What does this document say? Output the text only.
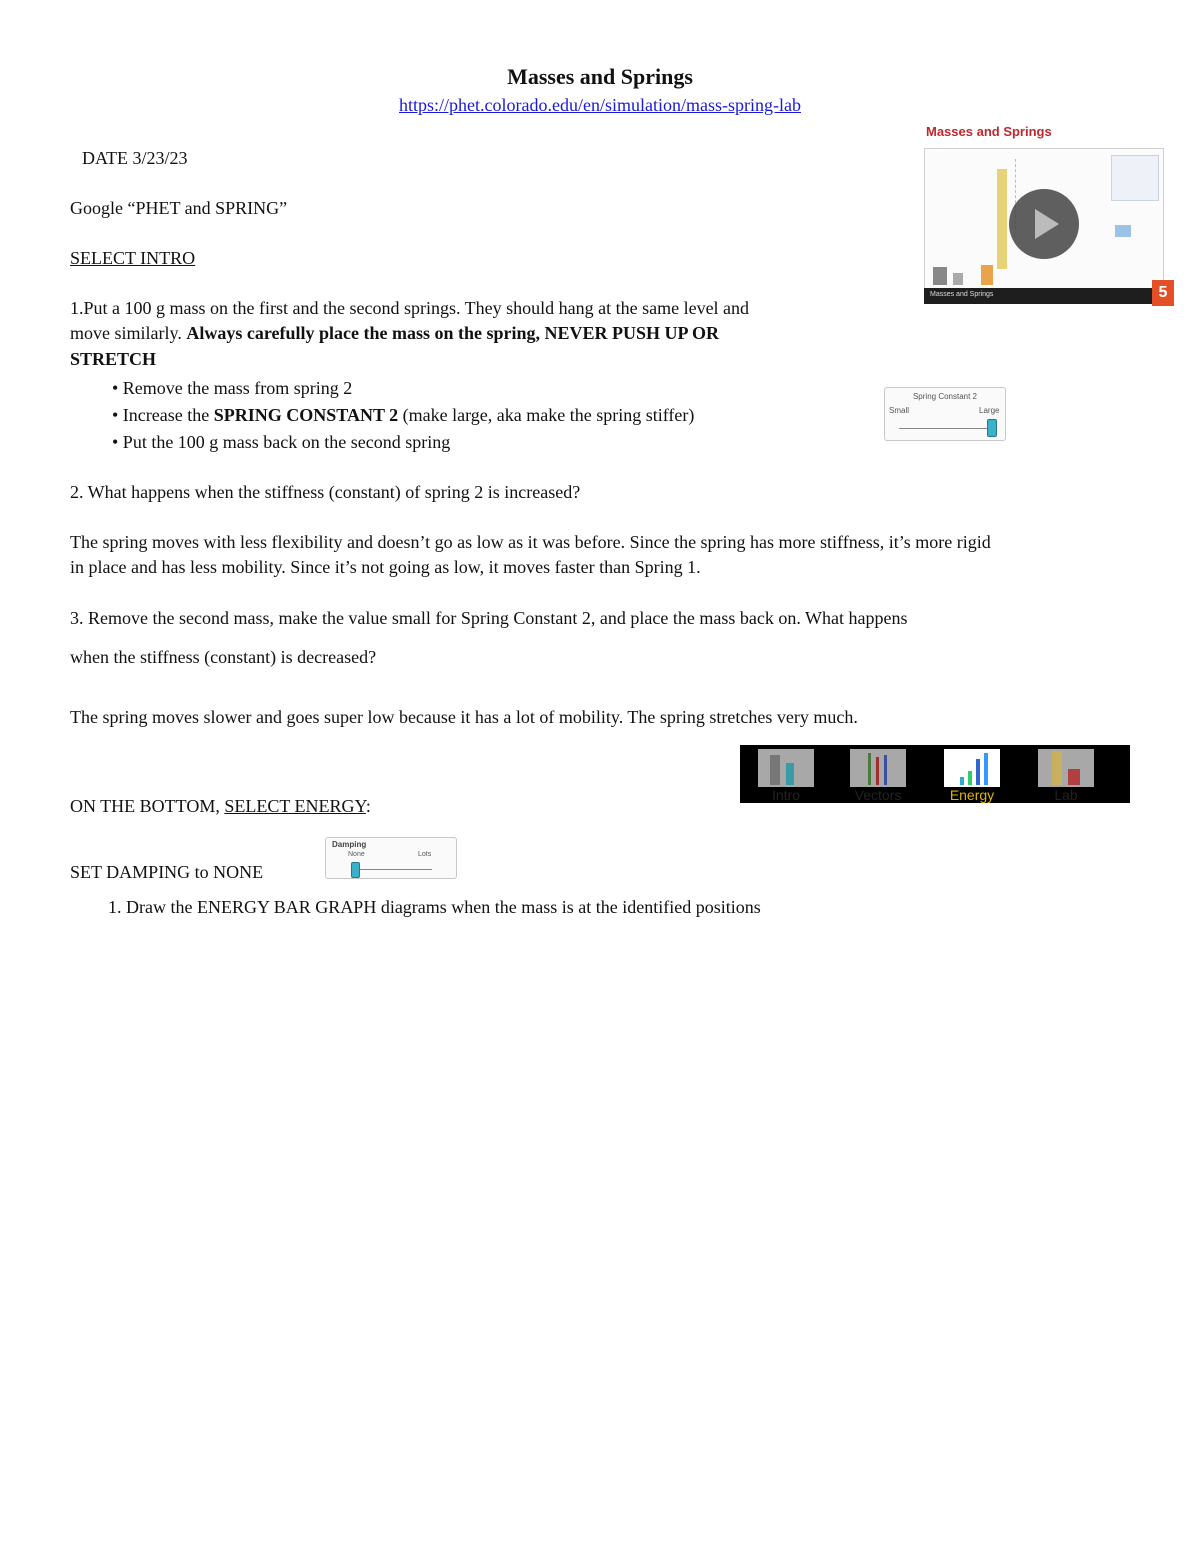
Masses and Springs
https://phet.colorado.edu/en/simulation/mass-spring-lab
Masses and Springs
Masses and Springs	5
DATE 3/23/23
Google “PHET and SPRING”
SELECT INTRO
1.Put a 100 g mass on the first and the second springs. They should hang at the same level and
move similarly. Always carefully place the mass on the spring, NEVER PUSH UP OR
STRETCH
• Remove the mass from spring 2
• Increase the SPRING CONSTANT 2 (make large, aka make the spring stiffer)
• Put the 100 g mass back on the second spring
Spring Constant 2
Small	Large
2. What happens when the stiffness (constant) of spring 2 is increased?
The spring moves with less flexibility and doesn’t go as low as it was before. Since the spring has more stiffness, it’s more rigid
in place and has less mobility. Since it’s not going as low, it moves faster than Spring 1.
3. Remove the second mass, make the value small for Spring Constant 2, and place the mass back on. What happens
when the stiffness (constant) is decreased?
The spring moves slower and goes super low because it has a lot of mobility. The spring stretches very much.
Intro	Vectors	Energy	Lab
ON THE BOTTOM, SELECT ENERGY:
SET DAMPING to NONE
Damping
None	Lots
1. Draw the ENERGY BAR GRAPH diagrams when the mass is at the identified positions
